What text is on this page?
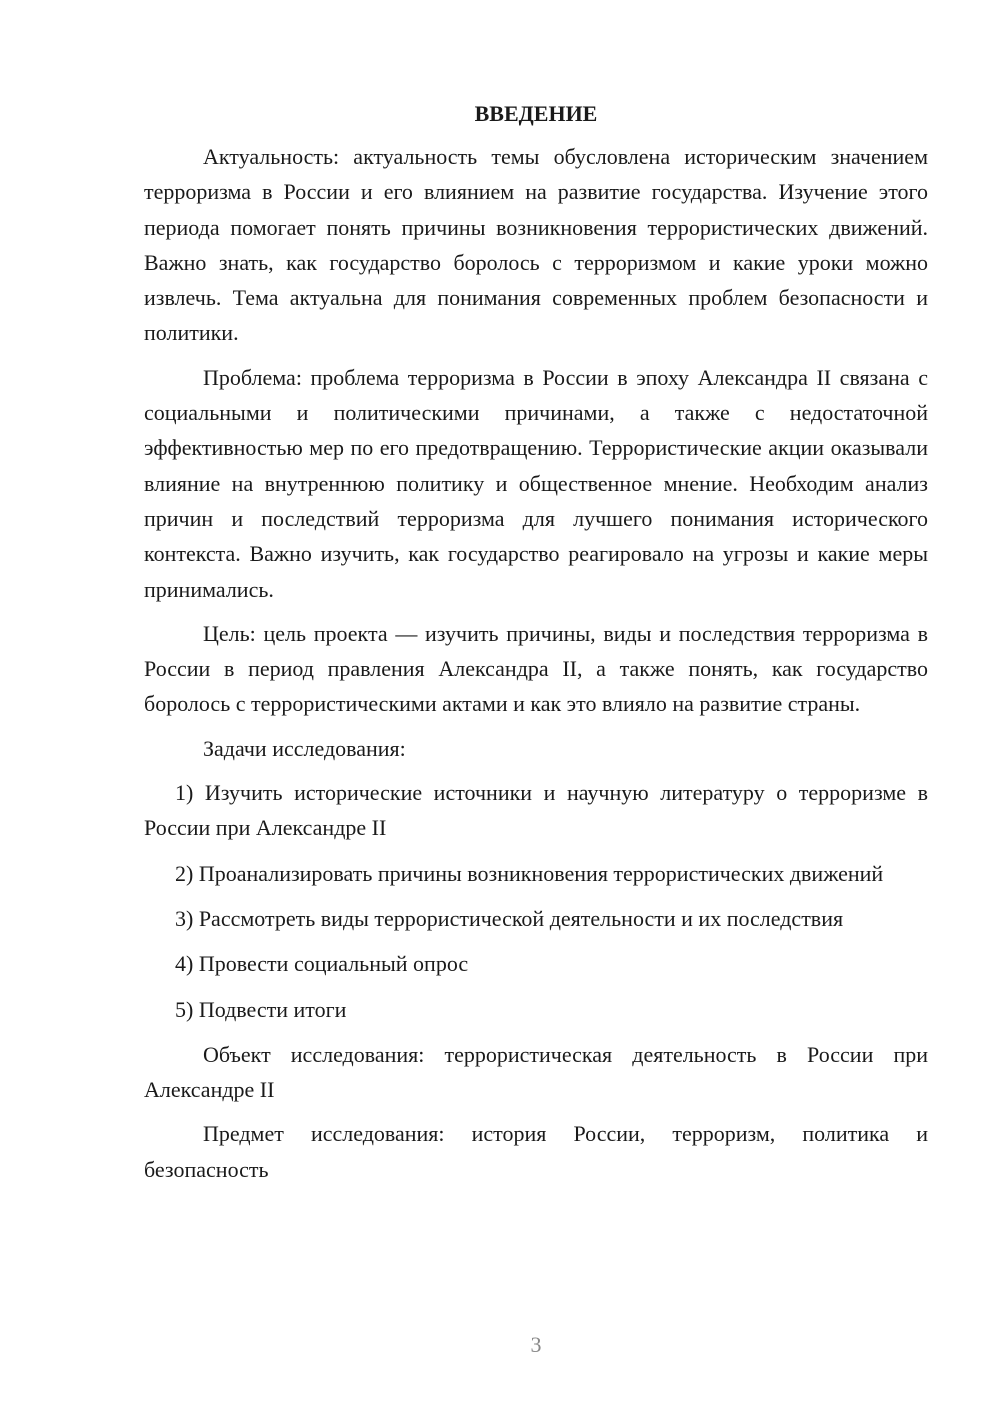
ВВЕДЕНИЕ

Актуальность: актуальность темы обусловлена историческим значением терроризма в России и его влиянием на развитие государства. Изучение этого периода помогает понять причины возникновения террористических движений. Важно знать, как государство боролось с терроризмом и какие уроки можно извлечь. Тема актуальна для понимания современных проблем безопасности и политики.

Проблема: проблема терроризма в России в эпоху Александра II связана с социальными и политическими причинами, а также с недостаточной эффективностью мер по его предотвращению. Террористические акции оказывали влияние на внутреннюю политику и общественное мнение. Необходим анализ причин и последствий терроризма для лучшего понимания исторического контекста. Важно изучить, как государство реагировало на угрозы и какие меры принимались.

Цель: цель проекта — изучить причины, виды и последствия терроризма в России в период правления Александра II, а также понять, как государство боролось с террористическими актами и как это влияло на развитие страны.

Задачи исследования:

1) Изучить исторические источники и научную литературу о терроризме в России при Александре II

2) Проанализировать причины возникновения террористических движений

3) Рассмотреть виды террористической деятельности и их последствия

4) Провести социальный опрос

5) Подвести итоги

Объект исследования: террористическая деятельность в России при Александре II

Предмет исследования: история России, терроризм, политика и безопасность

3
